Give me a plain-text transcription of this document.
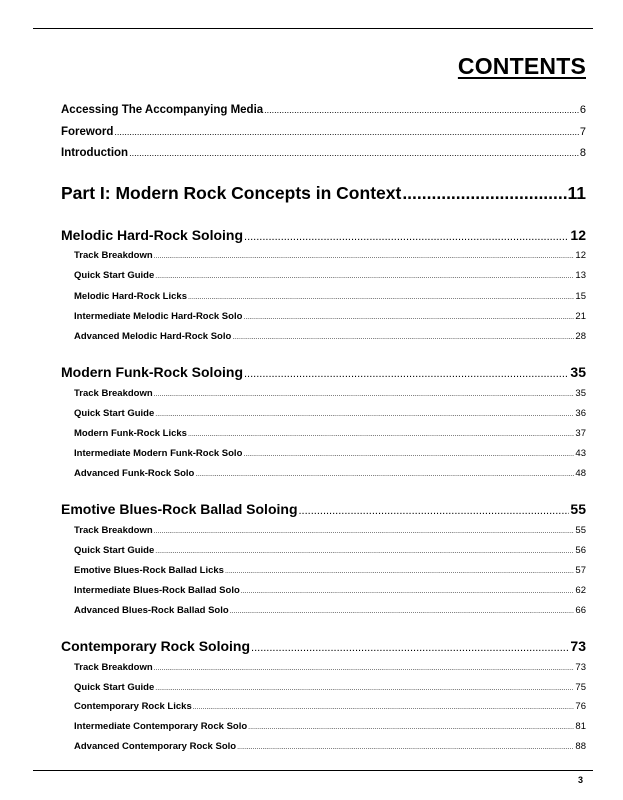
CONTENTS
Accessing The Accompanying Media .....	6
Foreword .....	7
Introduction .....	8
Part I: Modern Rock Concepts in Context .....	11
Melodic Hard-Rock Soloing .....	12
Track Breakdown .....	12
Quick Start Guide .....	13
Melodic Hard-Rock Licks .....	15
Intermediate Melodic Hard-Rock Solo .....	21
Advanced Melodic Hard-Rock Solo .....	28
Modern Funk-Rock Soloing .....	35
Track Breakdown .....	35
Quick Start Guide .....	36
Modern Funk-Rock Licks .....	37
Intermediate Modern Funk-Rock Solo .....	43
Advanced Funk-Rock Solo .....	48
Emotive Blues-Rock Ballad Soloing .....	55
Track Breakdown .....	55
Quick Start Guide .....	56
Emotive Blues-Rock Ballad Licks .....	57
Intermediate Blues-Rock Ballad Solo .....	62
Advanced Blues-Rock Ballad Solo .....	66
Contemporary Rock Soloing .....	73
Track Breakdown .....	73
Quick Start Guide .....	75
Contemporary Rock Licks .....	76
Intermediate Contemporary Rock Solo .....	81
Advanced Contemporary Rock Solo .....	88
3
